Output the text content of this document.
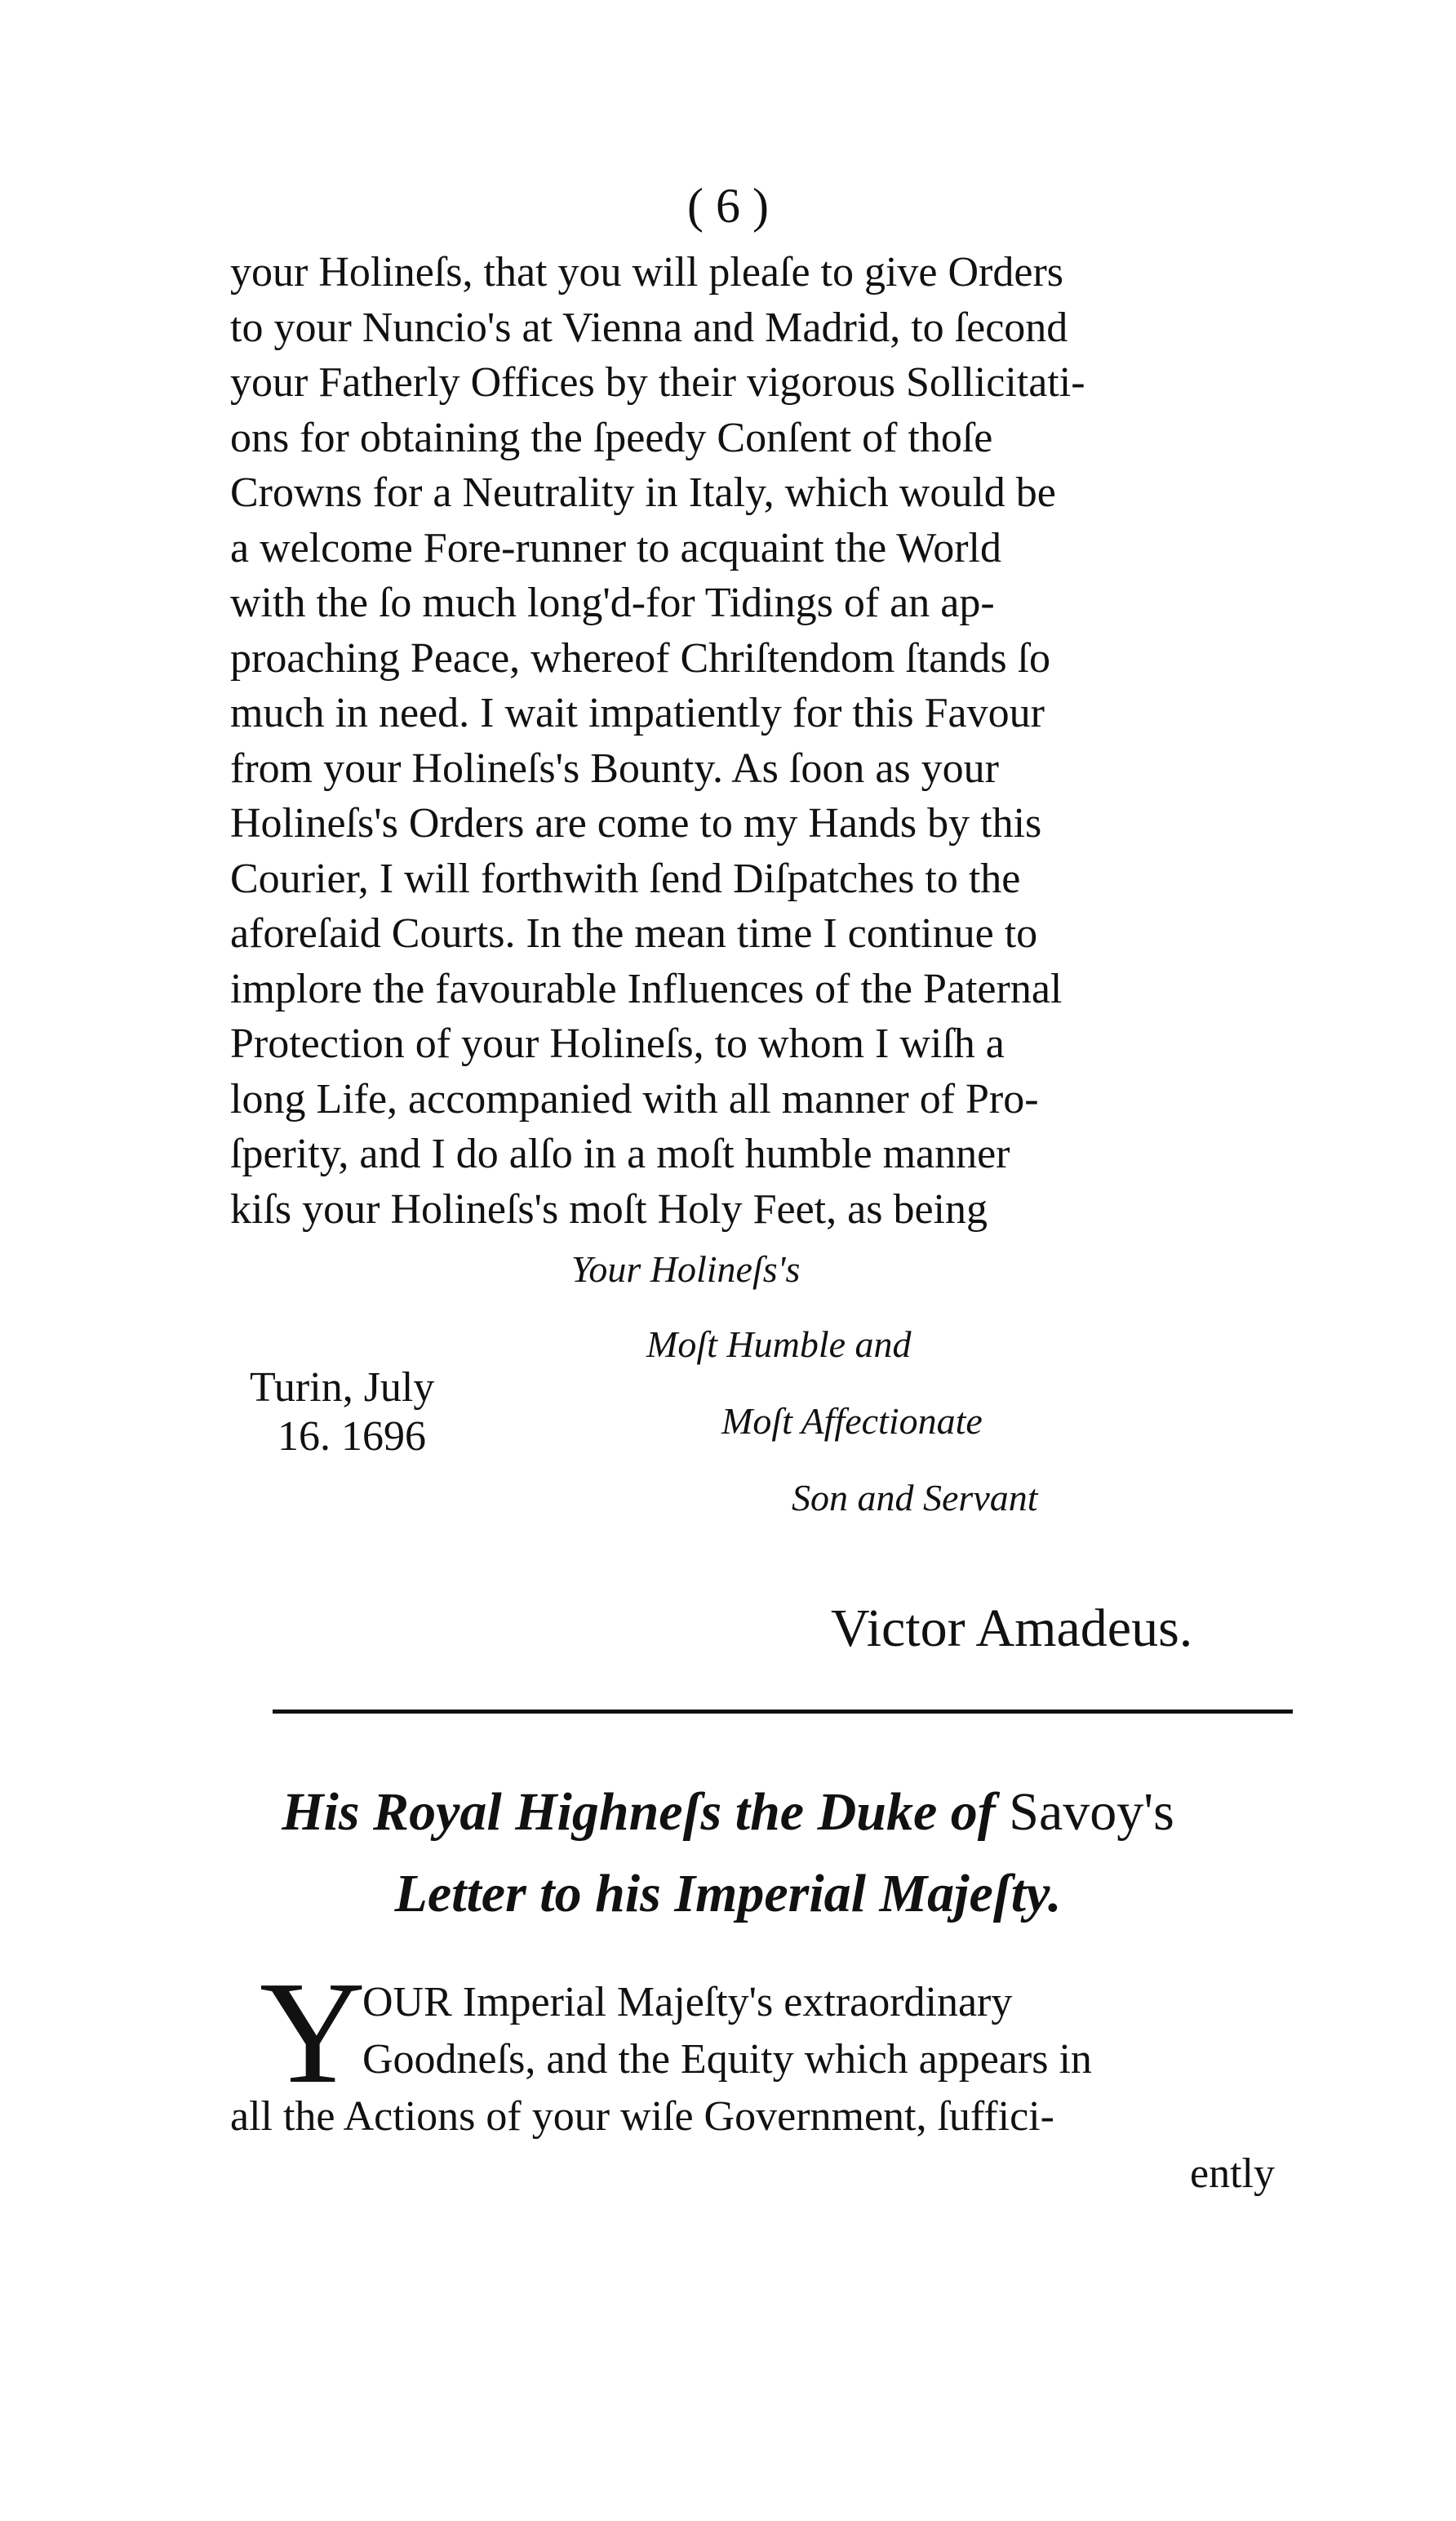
( 6 )
your Holineſs, that you will pleaſe to give Orders
to your Nuncio's at Vienna and Madrid, to ſecond
your Fatherly Offices by their vigorous Sollicitati-
ons for obtaining the ſpeedy Conſent of thoſe
Crowns for a Neutrality in Italy, which would be
a welcome Fore-runner to acquaint the World
with the ſo much long'd-for Tidings of an ap-
proaching Peace, whereof Chriſtendom ſtands ſo
much in need. I wait impatiently for this Favour
from your Holineſs's Bounty. As ſoon as your
Holineſs's Orders are come to my Hands by this
Courier, I will forthwith ſend Diſpatches to the
aforeſaid Courts. In the mean time I continue to
implore the favourable Influences of the Paternal
Protection of your Holineſs, to whom I wiſh a
long Life, accompanied with all manner of Pro-
ſperity, and I do alſo in a moſt humble manner
kiſs your Holineſs's moſt Holy Feet, as being
Your Holineſs's
Moſt Humble and
Moſt Affectionate
Son and Servant
Turin, July
16. 1696
Victor Amadeus.
His Royal Highneſs the Duke of Savoy's
Letter to his Imperial Majeſty.
Y
OUR Imperial Majeſty's extraordinary
Goodneſs, and the Equity which appears in
all the Actions of your wiſe Government, ſuffici-
ently
